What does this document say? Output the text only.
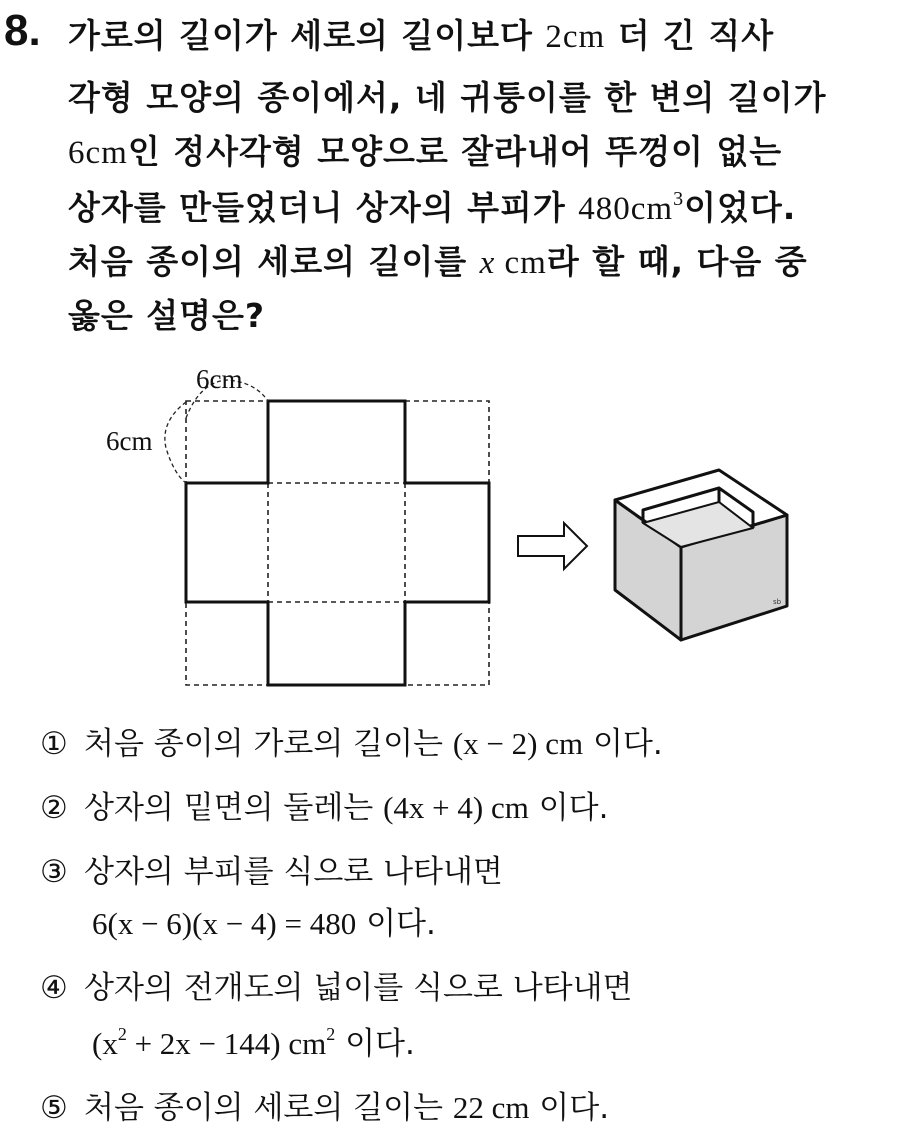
8. 가로의 길이가 세로의 길이보다 2cm 더 긴 직사
각형 모양의 종이에서, 네 귀퉁이를 한 변의 길이가
6cm인 정사각형 모양으로 잘라내어 뚜껑이 없는
상자를 만들었더니 상자의 부피가 $480cm^3$이었다.
처음 종이의 세로의 길이를 x cm라 할 때, 다음 중
옳은 설명은?
6cm
6cm
sb
① 처음 종이의 가로의 길이는 (x − 2) cm 이다.
② 상자의 밑면의 둘레는 (4x + 4) cm 이다.
③ 상자의 부피를 식으로 나타내면
6(x − 6)(x − 4) = 480 이다.
④ 상자의 전개도의 넓이를 식으로 나타내면
$(x^2 + 2x - 144)$ $cm^2$ 이다.
⑤ 처음 종이의 세로의 길이는 22 cm 이다.
